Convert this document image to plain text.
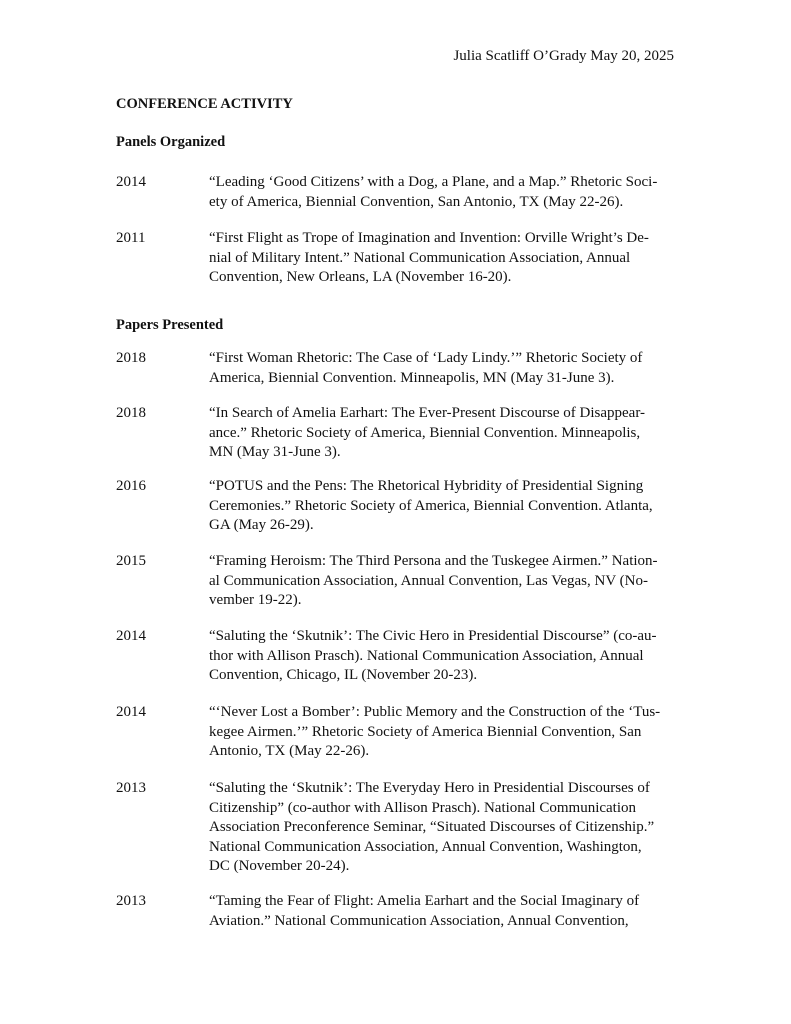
Julia Scatliff O’Grady May 20, 2025
CONFERENCE ACTIVITY
Panels Organized
2014	“Leading ‘Good Citizens’ with a Dog, a Plane, and a Map.” Rhetoric Soci-
ety of America, Biennial Convention, San Antonio, TX (May 22-26).
2011	“First Flight as Trope of Imagination and Invention: Orville Wright’s De-
nial of Military Intent.” National Communication Association, Annual
Convention, New Orleans, LA (November 16-20).
Papers Presented
2018	“First Woman Rhetoric: The Case of ‘Lady Lindy.’” Rhetoric Society of
America, Biennial Convention. Minneapolis, MN (May 31-June 3).
2018	“In Search of Amelia Earhart: The Ever-Present Discourse of Disappear-
ance.” Rhetoric Society of America, Biennial Convention. Minneapolis,
MN (May 31-June 3).
2016	“POTUS and the Pens: The Rhetorical Hybridity of Presidential Signing
Ceremonies.” Rhetoric Society of America, Biennial Convention. Atlanta,
GA (May 26-29).
2015	“Framing Heroism: The Third Persona and the Tuskegee Airmen.” Nation-
al Communication Association, Annual Convention, Las Vegas, NV (No-
vember 19-22).
2014	“Saluting the ‘Skutnik’: The Civic Hero in Presidential Discourse” (co-au-
thor with Allison Prasch). National Communication Association, Annual
Convention, Chicago, IL (November 20-23).
2014	“‘Never Lost a Bomber’: Public Memory and the Construction of the ‘Tus-
kegee Airmen.’” Rhetoric Society of America Biennial Convention, San
Antonio, TX (May 22-26).
2013	“Saluting the ‘Skutnik’: The Everyday Hero in Presidential Discourses of
Citizenship” (co-author with Allison Prasch). National Communication
Association Preconference Seminar, “Situated Discourses of Citizenship.”
National Communication Association, Annual Convention, Washington,
DC (November 20-24).
2013	“Taming the Fear of Flight: Amelia Earhart and the Social Imaginary of
Aviation.” National Communication Association, Annual Convention,
